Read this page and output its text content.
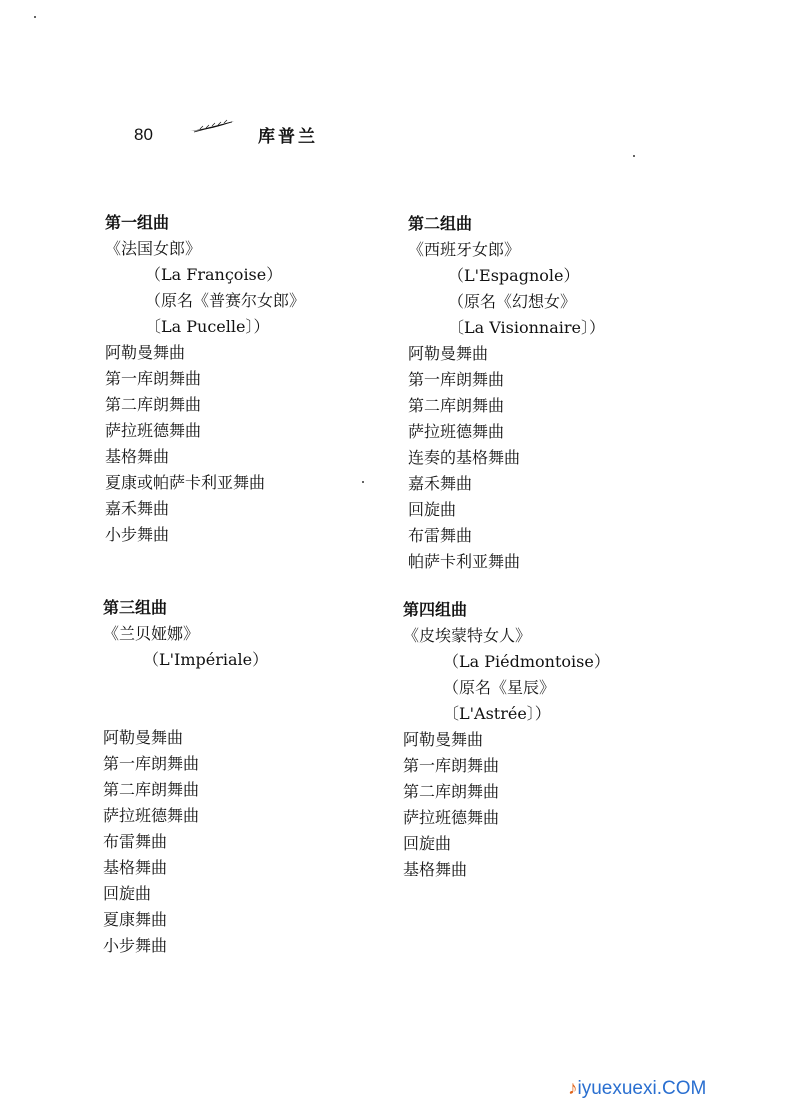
80	库普兰
第一组曲
《法国女郎》
（La Françoise）
（原名《普赛尔女郎》
〔La Pucelle〕）
阿勒曼舞曲
第一库朗舞曲
第二库朗舞曲
萨拉班德舞曲
基格舞曲
夏康或帕萨卡利亚舞曲
嘉禾舞曲
小步舞曲
第二组曲
《西班牙女郎》
（L'Espagnole）
（原名《幻想女》
〔La Visionnaire〕）
阿勒曼舞曲
第一库朗舞曲
第二库朗舞曲
萨拉班德舞曲
连奏的基格舞曲
嘉禾舞曲
回旋曲
布雷舞曲
帕萨卡利亚舞曲
第三组曲
《兰贝娅娜》
（L'Impériale）
阿勒曼舞曲
第一库朗舞曲
第二库朗舞曲
萨拉班德舞曲
布雷舞曲
基格舞曲
回旋曲
夏康舞曲
小步舞曲
第四组曲
《皮埃蒙特女人》
（La Piédmontoise）
（原名《星辰》
〔L'Astrée〕）
阿勒曼舞曲
第一库朗舞曲
第二库朗舞曲
萨拉班德舞曲
回旋曲
基格舞曲
♪iyuexuexi.COM
